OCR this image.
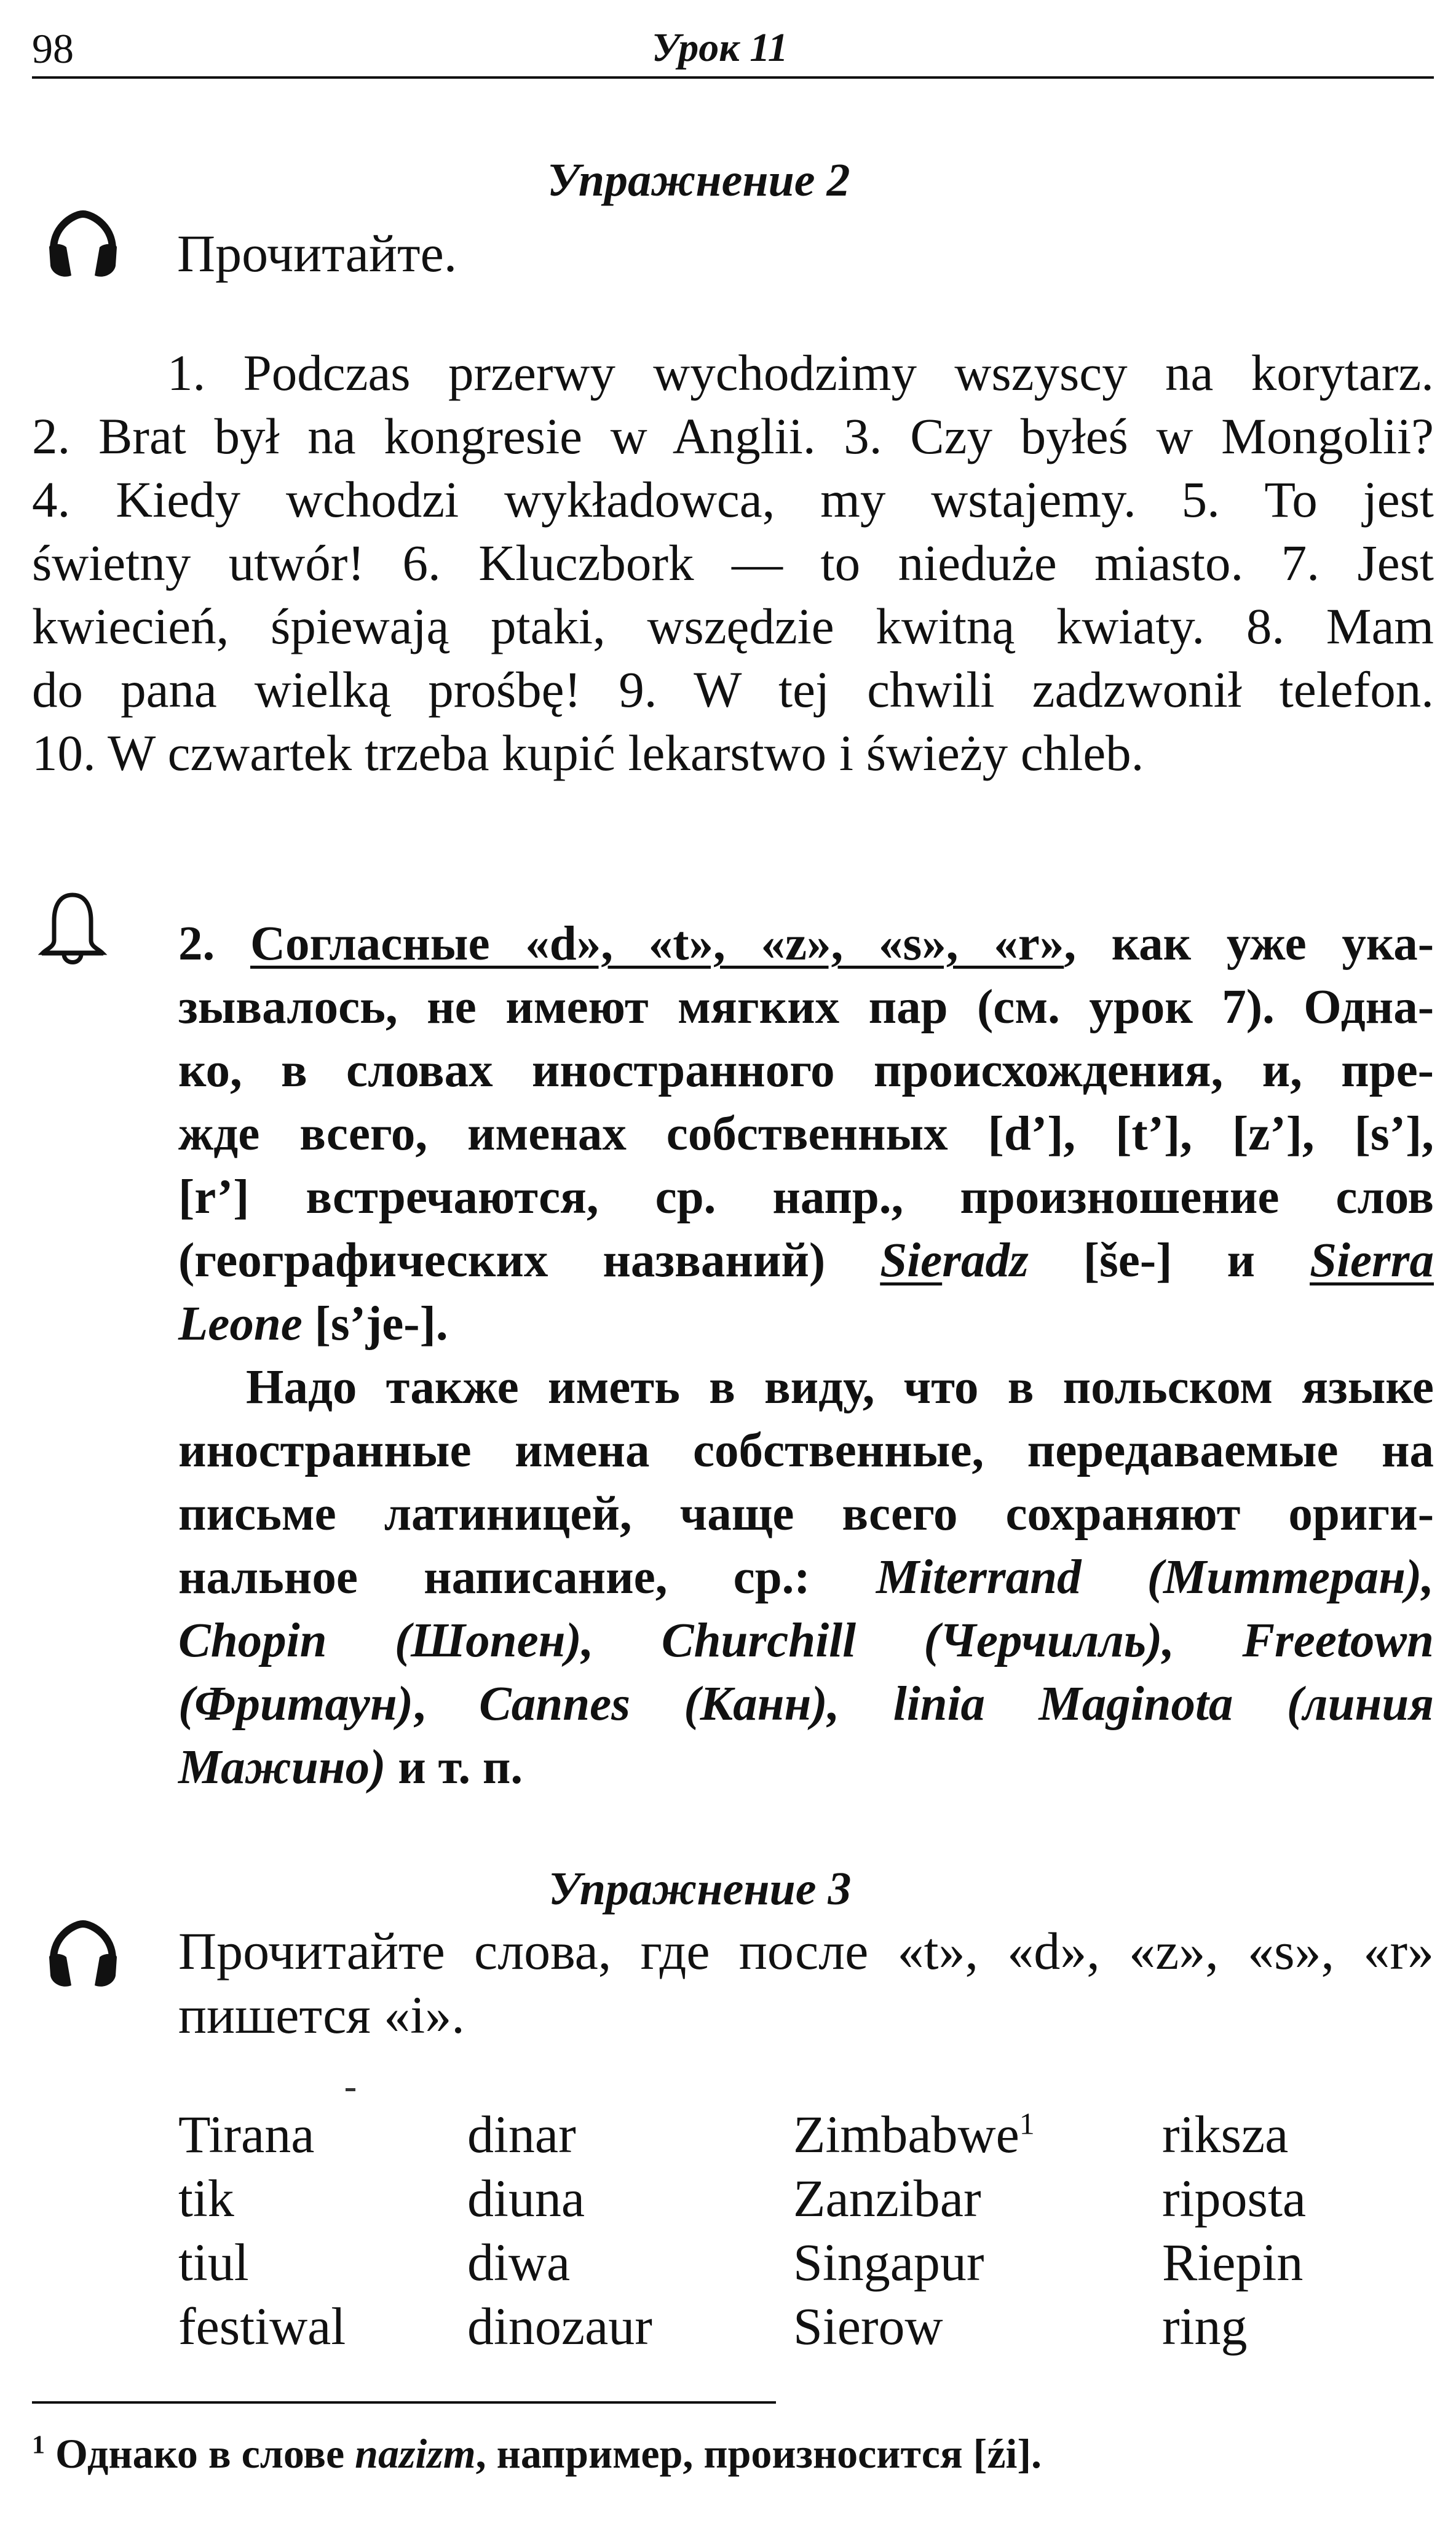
98	Урок 11
Упражнение 2
Прочитайте.
1. Podczas przerwy wychodzimy wszyscy na korytarz.
2. Brat był na kongresie w Anglii. 3. Czy byłeś w Mongolii?
4. Kiedy wchodzi wykładowca, my wstajemy. 5. To jest
świetny utwór! 6. Kluczbork — to nieduże miasto. 7. Jest
kwiecień, śpiewają ptaki, wszędzie kwitną kwiaty. 8. Mam
do pana wielką prośbę! 9. W tej chwili zadzwonił telefon.
10. W czwartek trzeba kupić lekarstwo i świeży chleb.
2. Согласные «d», «t», «z», «s», «r», как уже ука-
зывалось, не имеют мягких пар (см. урок 7). Одна-
ко, в словах иностранного происхождения, и, пре-
жде всего, именах собственных [d’], [t’], [z’], [s’],
[r’] встречаются, ср. напр., произношение слов
(географических названий) Sieradz [še-] и Sierra
Leone [s’je-].
Надо также иметь в виду, что в польском языке
иностранные имена собственные, передаваемые на
письме латиницей, чаще всего сохраняют ориги-
нальное написание, ср.: Miterrand (Миттеран),
Chopin (Шопен), Churchill (Черчилль), Freetown
(Фритаун), Cannes (Канн), linia Maginota (линия
Мажино) и т. п.
Упражнение 3
Прочитайте слова, где после «t», «d», «z», «s», «r»
пишется «i».
Tirana
tik
tiul
festiwal
dinar
diuna
diwa
dinozaur
Zimbabwe$^1$
Zanzibar
Singapur
Sierow
riksza
riposta
Riepin
ring
$^1$ Однако в слове nazizm, например, произносится [źi].
